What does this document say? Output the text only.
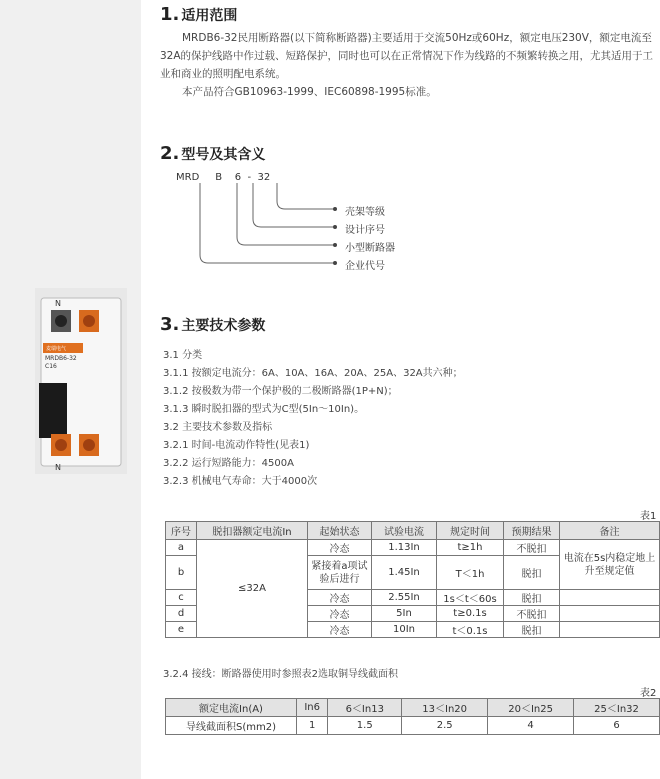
N
麦瑞电气
MRDB6-32
C16
N
1. 适用范围

MRDB6-32民用断路器(以下简称断路器)主要适用于交流50Hz或60Hz，额定电压230V，额定电流至32A的保护线路中作过载、短路保护，同时也可以在正常情况下作为线路的不频繁转换之用，尤其适用于工业和商业的照明配电系统。

本产品符合GB10963-1999、IEC60898-1995标准。

2. 型号及其含义
MRD B 6 - 32
壳架等级
设计序号
小型断路器
企业代号
3. 主要技术参数
3.1 分类
3.1.1 按额定电流分：6A、10A、16A、20A、25A、32A共六种；
3.1.2 按极数为带一个保护极的二极断路器(1P+N)；
3.1.3 瞬时脱扣器的型式为C型(5In～10In)。
3.2 主要技术参数及指标
3.2.1 时间-电流动作特性(见表1)
3.2.2 运行短路能力：4500A
3.2.3 机械电气寿命：大于4000次
表1
序号	脱扣器额定电流In	起始状态	试验电流	规定时间	预期结果	备注
a	≤32A	冷态	1.13In	t≥1h	不脱扣	电流在5s内稳定地上升至规定值
b		紧接着a项试验后进行	1.45In	T＜1h	脱扣	
c		冷态	2.55In	1s＜t＜60s	脱扣	
d		冷态	5In	t≥0.1s	不脱扣	
e		冷态	10In	t＜0.1s	脱扣	
3.2.4 接线：断路器使用时参照表2选取铜导线截面积
表2
额定电流In(A)	In6	6＜In13	13＜In20	20＜In25	25＜In32
导线截面积S(mm2)	1	1.5	2.5	4	6
